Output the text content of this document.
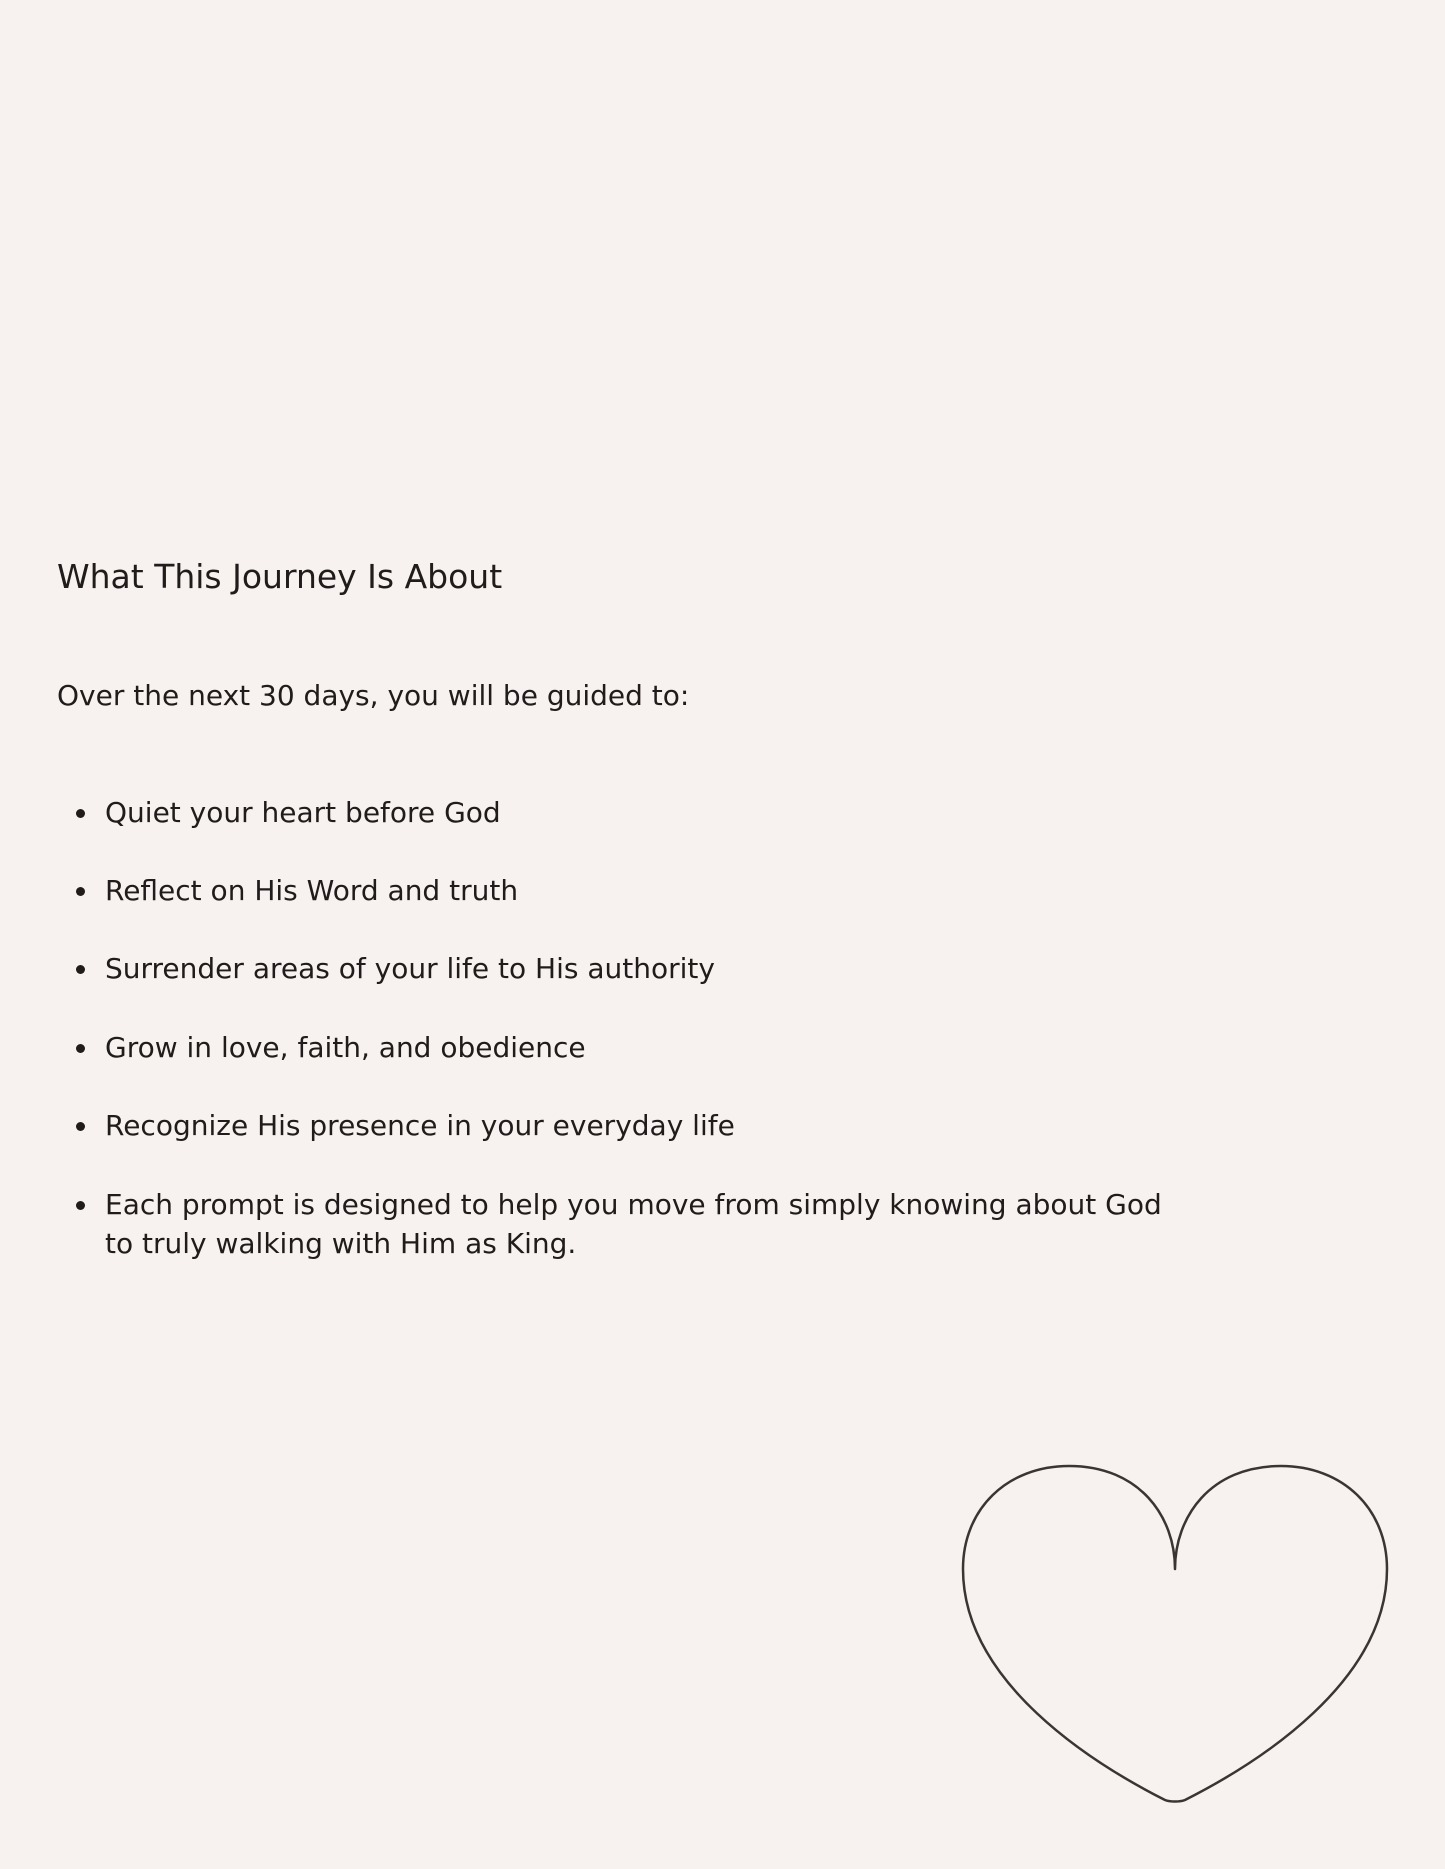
What This Journey Is About

Over the next 30 days, you will be guided to:

Quiet your heart before God
Reflect on His Word and truth
Surrender areas of your life to His authority
Grow in love, faith, and obedience
Recognize His presence in your everyday life
Each prompt is designed to help you move from simply knowing about God
to truly walking with Him as King.
